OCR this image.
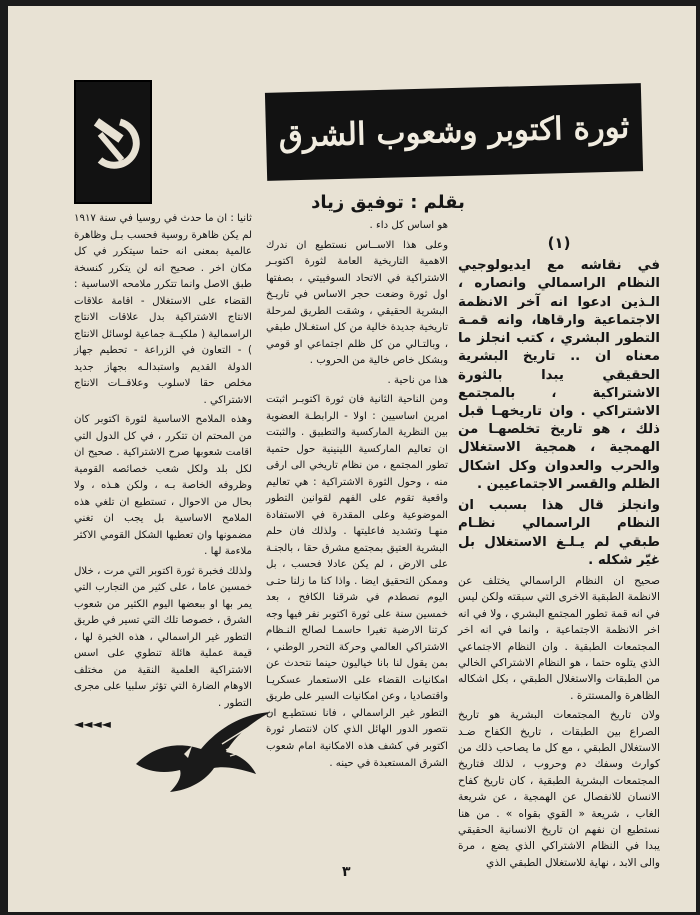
ثورة اكتوبر وشعوب الشرق
بقلم : توفيق زياد
(١)

في نقاشه مع ايديولوجيي النظام الراسمالي وانصاره ، الـذين ادعوا انه آخر الانظمة الاجتماعية وارقاها، وانه قمـة التطور البشري ، كتب انجلز ما معناه ان .. تاريخ البشرية الحقيقي يبدا بالثورة الاشتراكية ، بالمجتمع الاشتراكي . وان تاريخهـا قبل ذلك ، هو تاريخ تخلصهـا من الهمجية ، همجية الاستغلال والحرب والعدوان وكل اشكال الظلم والقسر الاجتماعيين .

وانجلز قال هذا بسبب ان النظام الراسمالي نظـام طبقي لم يـلـغ الاستغلال بل غيّر شكله .

صحيح ان النظام الراسمالي يختلف عن الانظمة الطبقية الاخرى التي سبقته ولكن ليس في انه قمة تطور المجتمع البشري ، ولا في انه اخر الانظمة الاجتماعية ، وانما في انه اخر المجتمعات الطبقية . وان النظام الاجتماعي الذي يتلوه حتما ، هو النظام الاشتراكي الخالي من الطبقات والاستغلال الطبقي ، بكل اشكاله الظاهرة والمستترة .

ولان تاريخ المجتمعات البشرية هو تاريخ الصراع بين الطبقات ، تاريخ الكفاح ضـد الاستغلال الطبقي ، مع كل ما يصاحب ذلك من كوارث وسفك دم وحروب ، لذلك فتاريخ المجتمعات البشرية الطبقية ، كان تاريخ كفاح الانسان للانفصال عن الهمجية ، عن شريعة الغاب ، شريعة « القوي بقواه » . من هنا نستطيع ان نفهم ان تاريخ الانسانية الحقيقي يبدا في النظام الاشتراكي الذي يضع ، مرة والى الابد ، نهاية للاستغلال الطبقي الذي

هو اساس كل داء .

وعلى هذا الاســاس نستطيع ان ندرك الاهمية التاريخية العامة لثورة اكتوبـر الاشتراكية في الاتحاد السوفييتي ، بصفتها اول ثورة وضعت حجر الاساس في تاريـخ البشرية الحقيقي ، وشقت الطريق لمرحلة تاريخية جديدة خالية من كل استغـلال طبقي ، وبالتـالي من كل ظلم اجتماعي او قومي وبشكل خاص خالية من الحروب .

هذا من ناحية .

ومن الناحية الثانية فان ثورة اكتوبـر اثبتت امرين اساسيين : اولا - الرابطـة العضوية بين النظرية الماركسية والتطبيق . والثبتت ان تعاليم الماركسية اللينينية حول حتمية تطور المجتمع ، من نظام تاريخي الى ارقى منه ، وحول الثورة الاشتراكية : هي تعاليم واقعية تقوم على الفهم لقوانين التطور الموضوعية وعلى المقدرة في الاستفادة منهـا وتشديد فاعليتها . ولذلك فان حلم البشرية العتيق بمجتمع مشرق حقا ، بالجنـة على الارض ، لم يكن عادلا فحسب ، بل وممكن التحقيق ايضا . واذا كنا ما زلنا حتـى اليوم نصطدم في شرقنا الكافح ، بعد خمسين سنة على ثورة اكتوبر نفر فيها وجه كرتنا الارضية تغيرا حاسمـا لصالح النـظام الاشتراكي العالمي وحركة التحرر الوطني ، بمن يقول لنا بانا خياليون حينما نتحدث عن امكانيات القضاء على الاستعمار عسكريـا واقتصاديا ، وعن امكانيات السير على طريق التطور غير الراسمالي ، فانا نستطيـع ان نتصور الدور الهائل الذي كان لانتصار ثورة اكتوبر في كشف هذه الامكانية امام شعوب الشرق المستعبدة في حينه .

ثانيا : ان ما حدث في روسيا في سنة ١٩١٧ لم يكن ظاهرة روسية فحسب بـل وظاهرة عالمية بمعنى انه حتما سيتكرر في كل مكان اخر . صحيح انه لن يتكرر كنسخة طبق الاصل وانما تتكرر ملامحه الاساسية : القضاء على الاستغلال - اقامة علاقات الانتاج الاشتراكية بدل علاقات الانتاج الراسمالية ( ملكيــة جماعية لوسائل الانتاج ) - التعاون في الزراعة - تحطيم جهاز الدولة القديم واستبدالـه بجهاز جديد مخلص حقا لاسلوب وعلاقــات الانتاج الاشتراكي .

وهذه الملامح الاساسية لثورة اكتوبر كان من المحتم ان تتكرر ، في كل الدول التي اقامت شعوبها صرح الاشتراكية . صحيح ان لكل بلد ولكل شعب خصائصه القومية وظروفه الخاصة بـه ، ولكن هـذه ، ولا بحال من الاحوال ، تستطيع ان تلغي هذه الملامح الاساسية بل يجب ان تغني مضمونها وان تعطيها الشكل القومي الاكثر ملاءمة لها .

ولذلك فخبرة ثورة اكتوبر التي مرت ، خلال خمسين عاما ، على كثير من التجارب التي يمر بها او ببعضها اليوم الكثير من شعوب الشرق ، خصوصا تلك التي تسير في طريق التطور غير الراسمالي ، هذه الخبرة لها ، قيمة عملية هائلة تنطوي على اسس الاشتراكية العلمية النقية من مختلف الاوهام الضارة التي تؤثر سلبيا على مجرى التطور .

◄◄◄◄
٣
